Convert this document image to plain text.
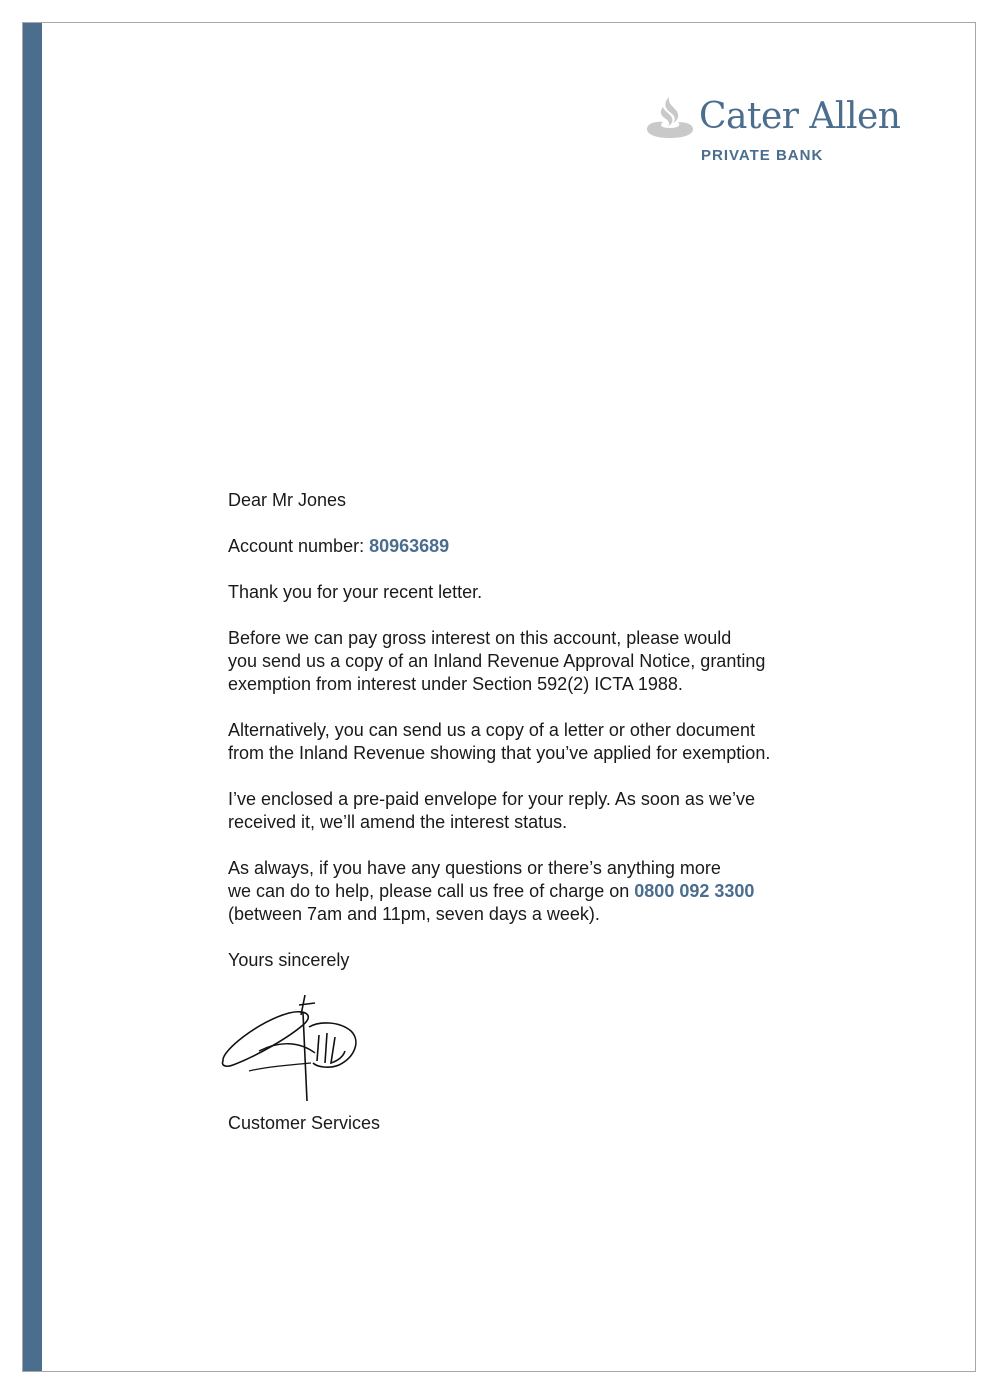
Cater Allen
PRIVATE BANK

Dear Mr Jones

Account number: 80963689

Thank you for your recent letter.

Before we can pay gross interest on this account, please would
you send us a copy of an Inland Revenue Approval Notice, granting
exemption from interest under Section 592(2) ICTA 1988.

Alternatively, you can send us a copy of a letter or other document
from the Inland Revenue showing that you’ve applied for exemption.

I’ve enclosed a pre-paid envelope for your reply. As soon as we’ve
received it, we’ll amend the interest status.

As always, if you have any questions or there’s anything more
we can do to help, please call us free of charge on 0800 092 3300
(between 7am and 11pm, seven days a week).

Yours sincerely

Customer Services
